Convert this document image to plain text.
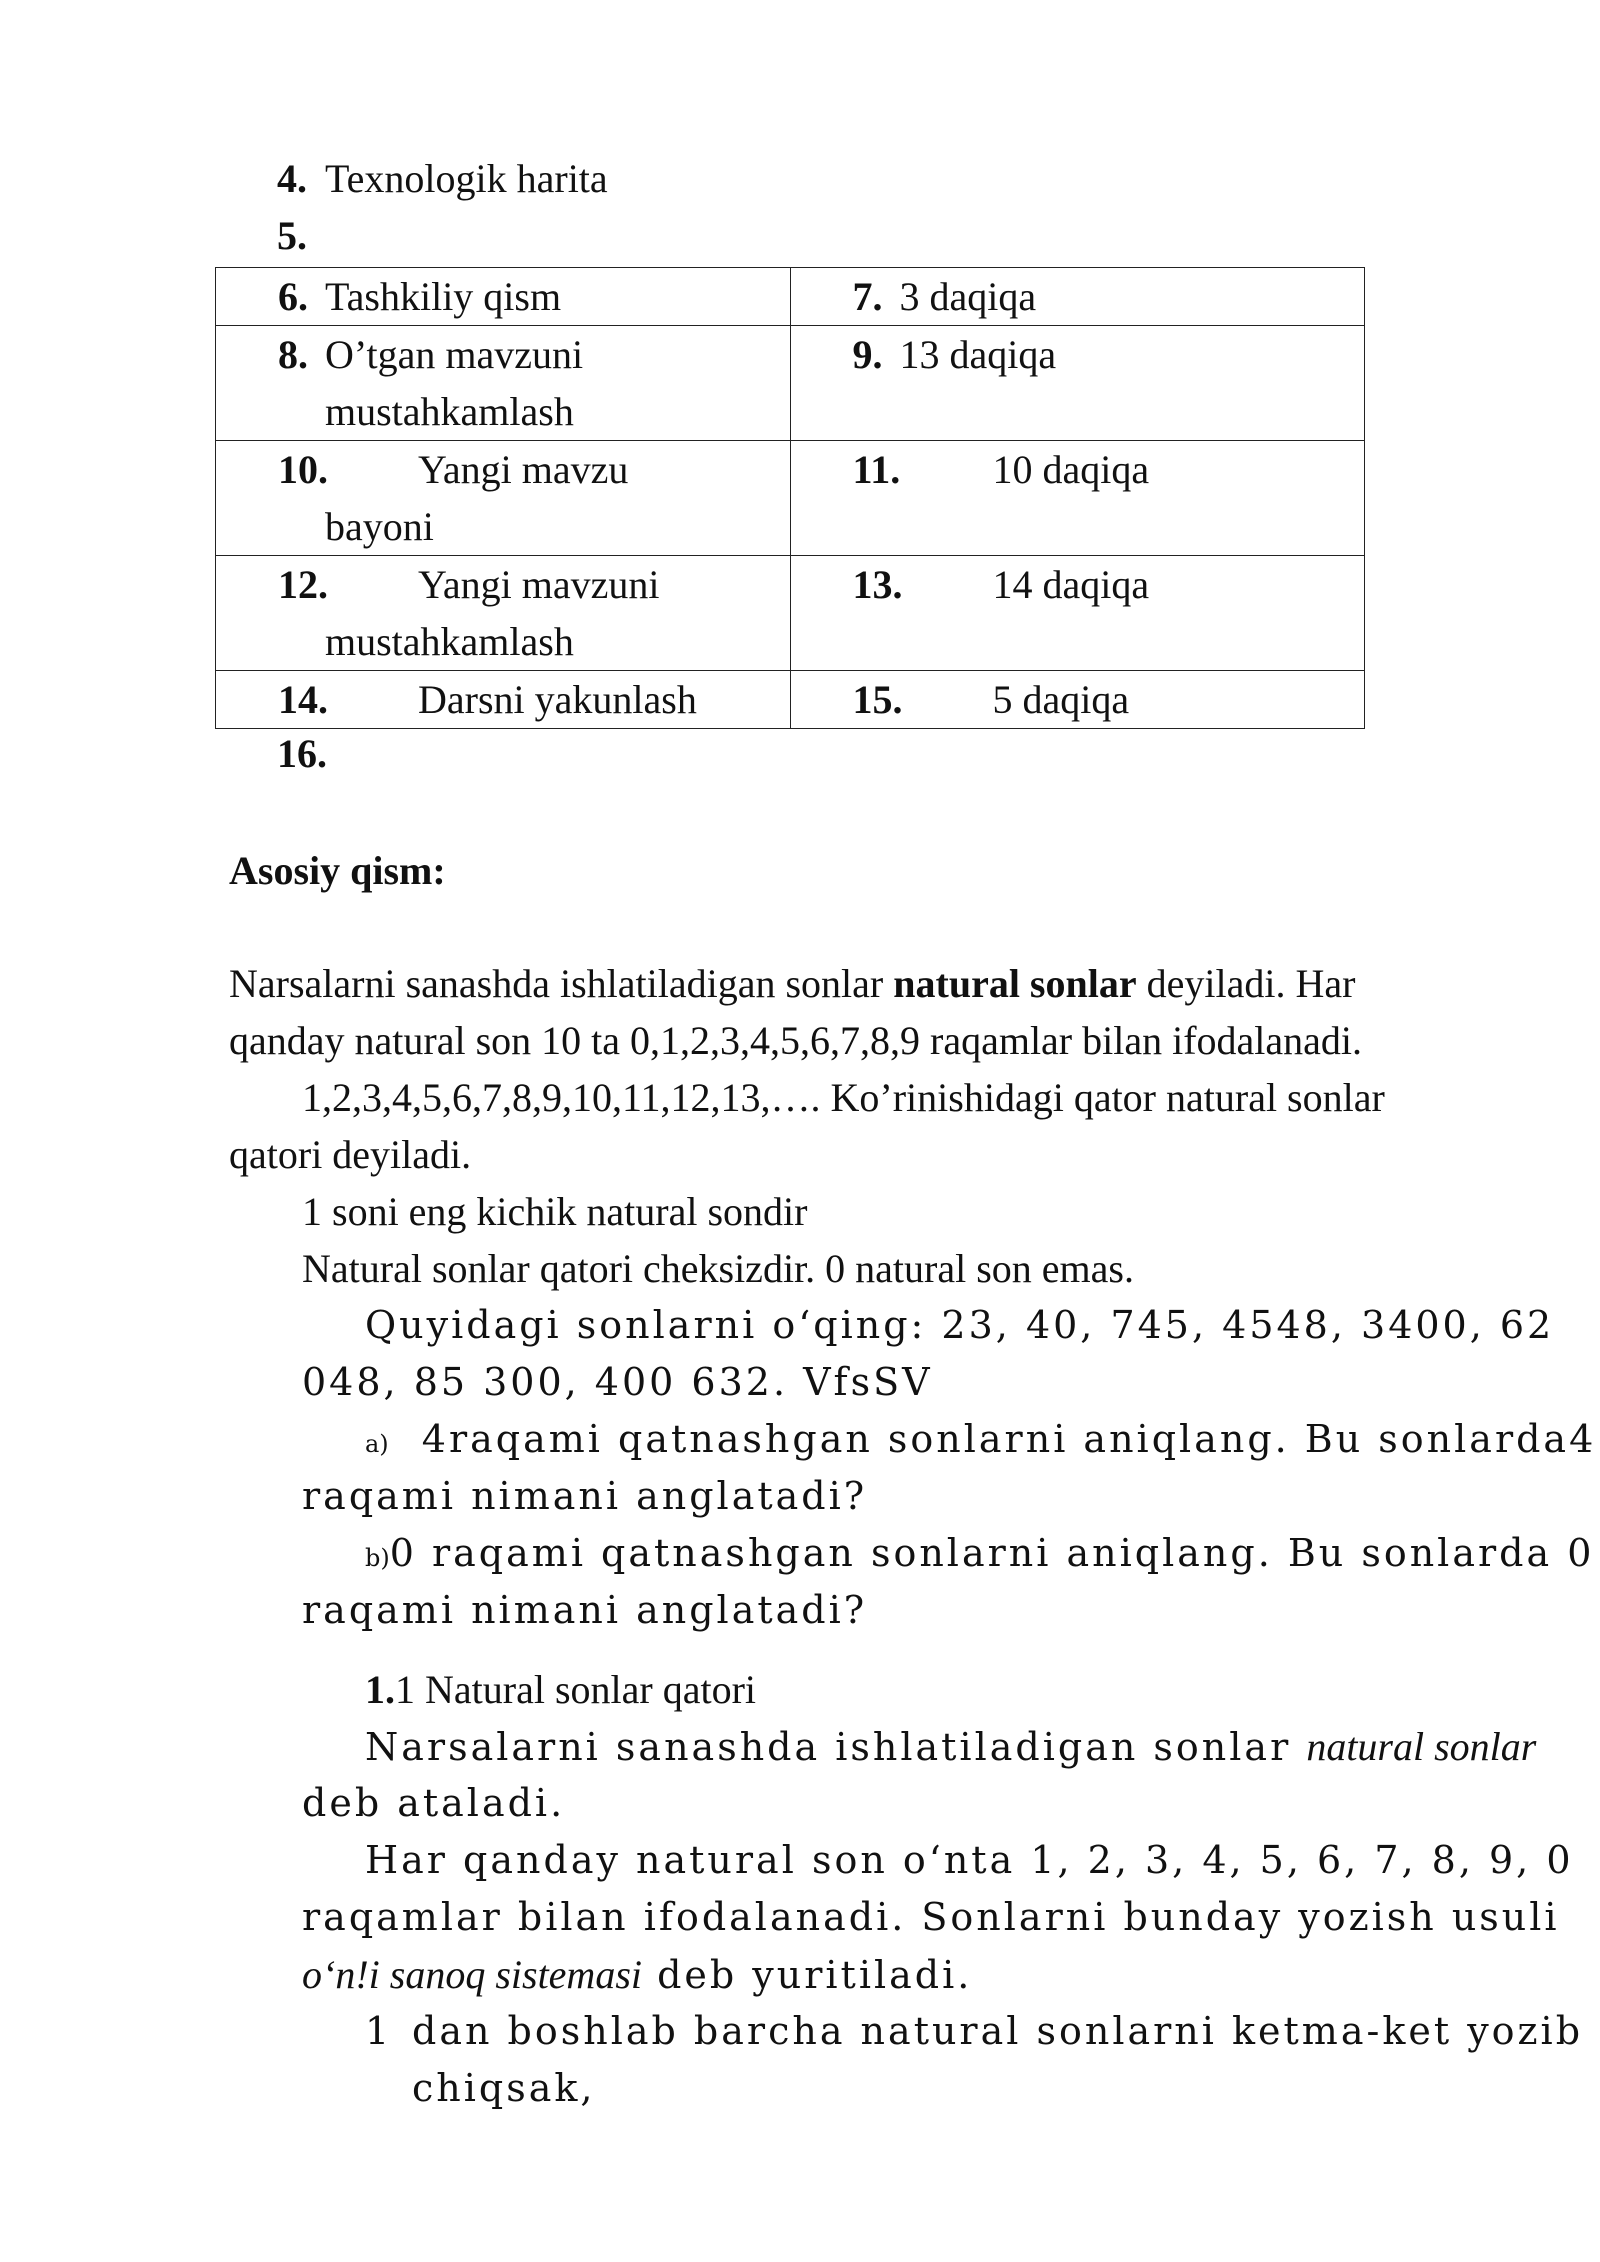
4. Texnologik harita
5.
6. Tashkiliy qism	7. 3 daqiqa

8. O’tgan mavzuni
mustahkamlash	9. 13 daqiqa

10. Yangi mavzu
bayoni	11. 10 daqiqa

12. Yangi mavzuni
mustahkamlash	13. 14 daqiqa

14. Darsni yakunlash	15. 5 daqiqa
16.
Asosiy qism:
Narsalarni sanashda ishlatiladigan sonlar natural sonlar deyiladi. Har
qanday natural son 10 ta 0,1,2,3,4,5,6,7,8,9 raqamlar bilan ifodalanadi.
1,2,3,4,5,6,7,8,9,10,11,12,13,…. Ko’rinishidagi qator natural sonlar
qatori deyiladi.
1 soni eng kichik natural sondir
Natural sonlar qatori cheksizdir. 0 natural son emas.
Quyidagi sonlarni o‘qing: 23, 40, 745, 4548, 3400, 62
048, 85 300, 400 632. VfsSV
a) 4raqami qatnashgan sonlarni aniqlang. Bu sonlarda4
raqami nimani anglatadi?
b)0 raqami qatnashgan sonlarni aniqlang. Bu sonlarda 0
raqami nimani anglatadi?
1.1 Natural sonlar qatori
Narsalarni sanashda ishlatiladigan sonlar natural sonlar
deb ataladi.
Har qanday natural son o‘nta 1, 2, 3, 4, 5, 6, 7, 8, 9, 0
raqamlar bilan ifodalanadi. Sonlarni bunday yozish usuli
o‘n!i sanoq sistemasi deb yuritiladi.
1 dan boshlab barcha natural sonlarni ketma-ket yozib
chiqsak,
